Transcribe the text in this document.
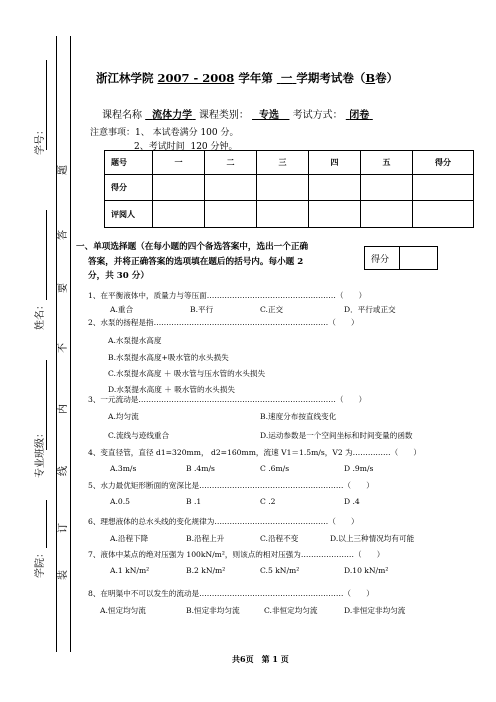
学号：
姓名：
专业班级：
学院：
题
答
要
不
内
线
订
装
浙江林学院 2007 - 2008 学年第 一 学期考试卷（B卷）
课程名称 流体力学 课程类别： 专选 考试方式： 闭卷
注意事项：1、 本试卷满分 100 分。
2、考试时间 120 分钟。
题号	一	二	三	四	五	得分
得分						
评阅人						
一、单项选择题（在每小题的四个备选答案中，选出一个正确
答案，并将正确答案的选项填在题后的括号内。每小题 2
分，共 30 分）
得分
1、在平衡液体中，质量力与等压面……………………………………………（　　）
A.重合	B.平行	C.正交	D．平行或正交
2、水泵的扬程是指……………………………………………………………（　　）
A.水泵提水高度
B.水泵提水高度+吸水管的水头损失
C.水泵提水高度 ＋ 吸水管与压水管的水头损失
D.水泵提水高度 ＋ 吸水管的水头损失
3、一元流动是……………………………………………………………………（　　）
A.均匀流	B.速度分布按直线变化
C.流线与迹线重合	D.运动参数是一个空间坐标和时间变量的函数
4、变直径管，直径 d1=320mm， d2=160mm，流速 V1＝1.5m/s，V2 为……………（　　）
A.3m/s	B .4m/s	C .6m/s	D .9m/s
5、水力最优矩形断面的宽深比是…………………………………………………（　　）
A.0.5	B .1	C .2	D .4
6、理想液体的总水头线的变化规律为………………………………………（　　）
A.沿程下降	B.沿程上升	C.沿程不变	D.以上三种情况均有可能
7、液体中某点的绝对压强为 100kN/m²，则该点的相对压强为…………………（　　）
A.1 kN/m²	B.2 kN/m²	C.5 kN/m²	D.10 kN/m²
8、在明渠中不可以发生的流动是…………………………………………………（　　）
A.恒定均匀流	B.恒定非均匀流	C.非恒定均匀流	D.非恒定非均匀流
共6页　第 1 页
